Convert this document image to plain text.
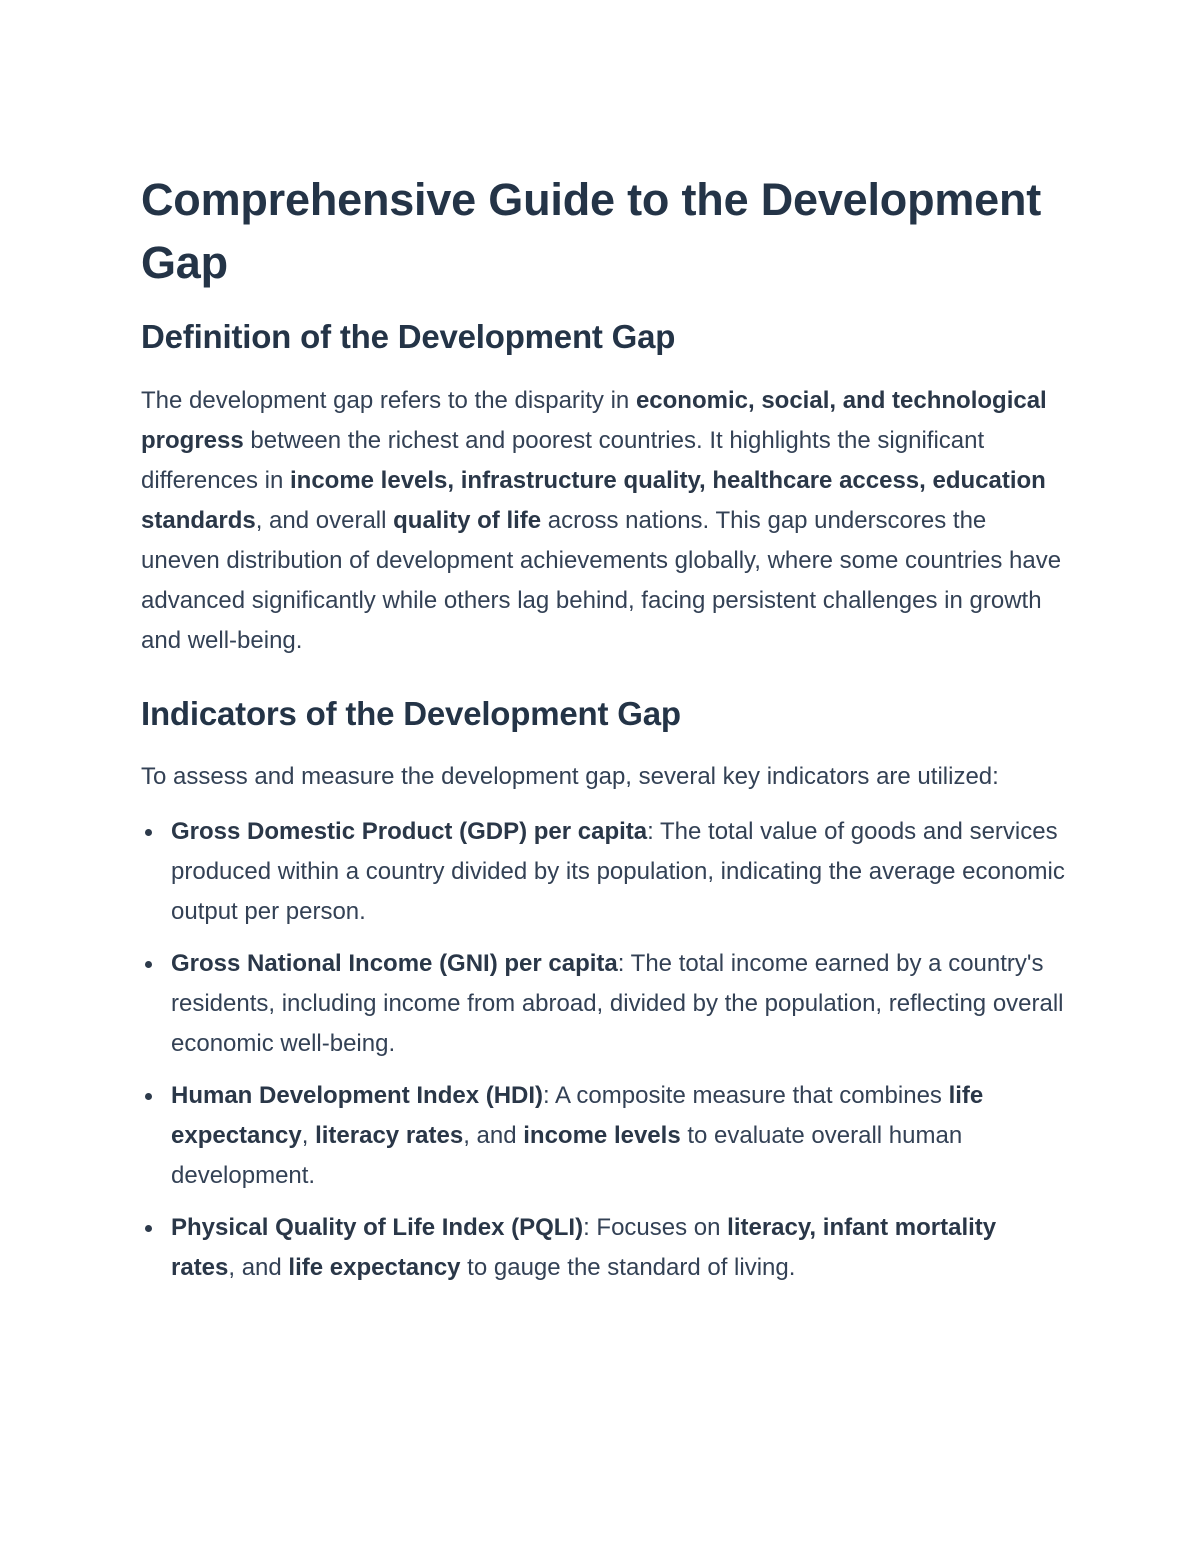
Comprehensive Guide to the Development Gap
Definition of the Development Gap

The development gap refers to the disparity in economic, social, and technological progress between the richest and poorest countries. It highlights the significant differences in income levels, infrastructure quality, healthcare access, education standards, and overall quality of life across nations. This gap underscores the uneven distribution of development achievements globally, where some countries have advanced significantly while others lag behind, facing persistent challenges in growth and well-being.

Indicators of the Development Gap

To assess and measure the development gap, several key indicators are utilized:

Gross Domestic Product (GDP) per capita: The total value of goods and services produced within a country divided by its population, indicating the average economic output per person.
Gross National Income (GNI) per capita: The total income earned by a country's residents, including income from abroad, divided by the population, reflecting overall economic well-being.
Human Development Index (HDI): A composite measure that combines life expectancy, literacy rates, and income levels to evaluate overall human development.
Physical Quality of Life Index (PQLI): Focuses on literacy, infant mortality rates, and life expectancy to gauge the standard of living.
